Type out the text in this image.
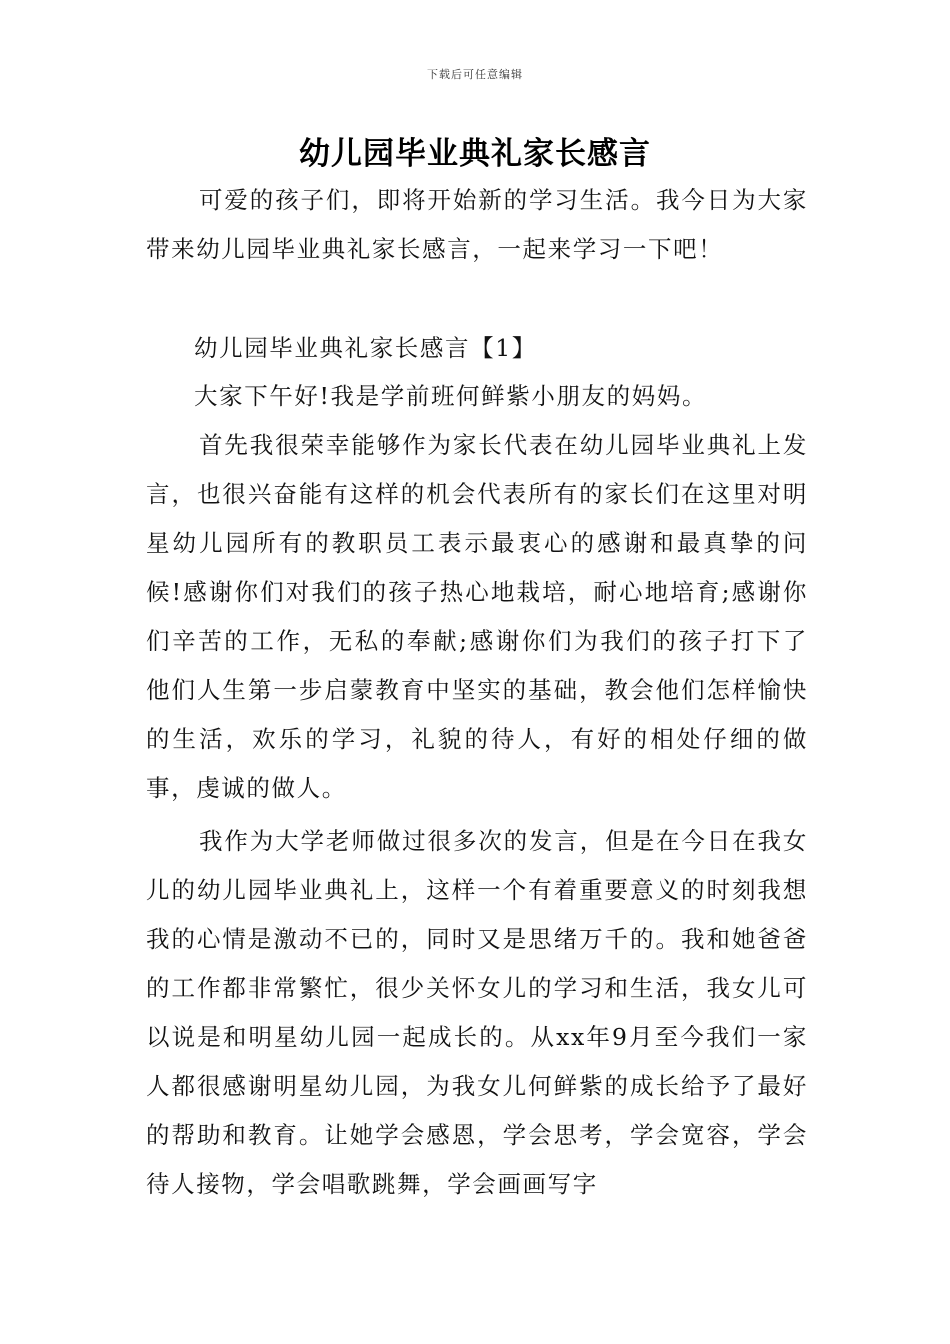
下载后可任意编辑
幼儿园毕业典礼家长感言

可爱的孩子们，即将开始新的学习生活。我今日为大家带来幼儿园毕业典礼家长感言，一起来学习一下吧！

幼儿园毕业典礼家长感言【1】

大家下午好!我是学前班何鲜紫小朋友的妈妈。

首先我很荣幸能够作为家长代表在幼儿园毕业典礼上发言，也很兴奋能有这样的机会代表所有的家长们在这里对明星幼儿园所有的教职员工表示最衷心的感谢和最真挚的问候!感谢你们对我们的孩子热心地栽培，耐心地培育;感谢你们辛苦的工作，无私的奉献;感谢你们为我们的孩子打下了他们人生第一步启蒙教育中坚实的基础，教会他们怎样愉快的生活，欢乐的学习，礼貌的待人，有好的相处仔细的做事，虔诚的做人。

我作为大学老师做过很多次的发言，但是在今日在我女儿的幼儿园毕业典礼上，这样一个有着重要意义的时刻我想我的心情是激动不已的，同时又是思绪万千的。我和她爸爸的工作都非常繁忙，很少关怀女儿的学习和生活，我女儿可以说是和明星幼儿园一起成长的。从xx年9月至今我们一家人都很感谢明星幼儿园，为我女儿何鲜紫的成长给予了最好的帮助和教育。让她学会感恩，学会思考，学会宽容，学会待人接物，学会唱歌跳舞，学会画画写字
